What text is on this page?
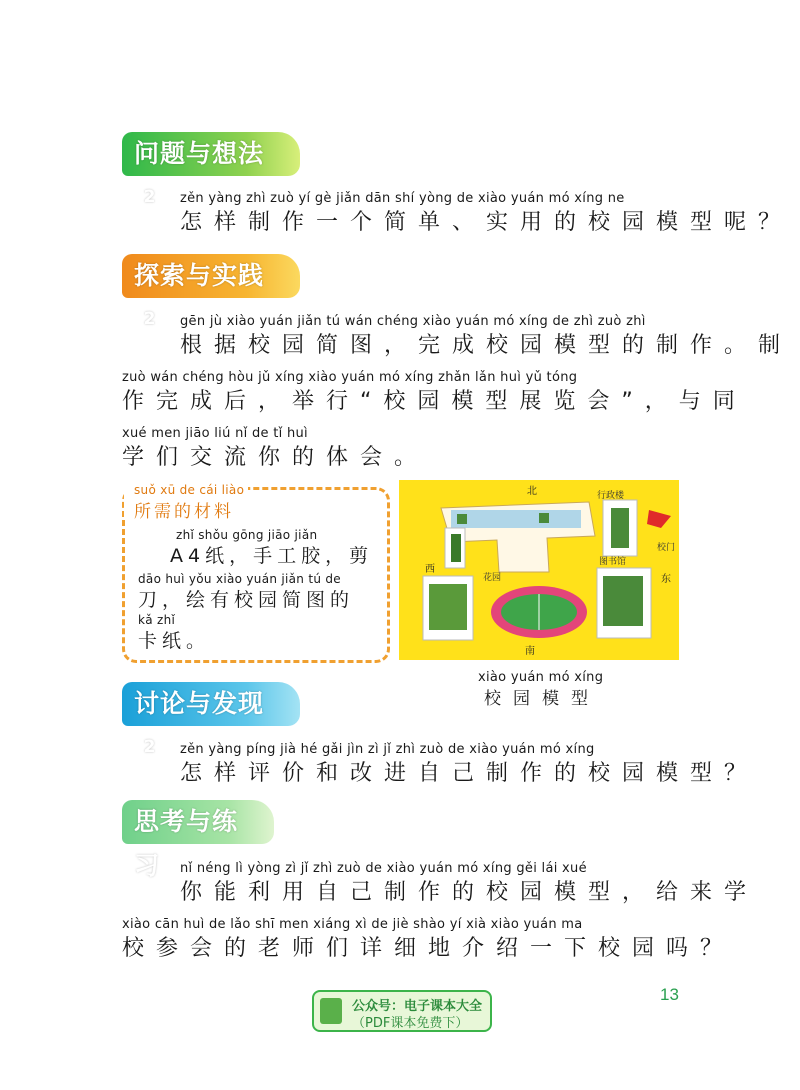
问题与想法2	zěn yàng zhì zuò yí gè jiǎn dān shí yòng de xiào yuán mó xíng ne
怎样制作一个简单、实用的校园模型呢？
探索与实践2	gēn jù xiào yuán jiǎn tú wán chéng xiào yuán mó xíng de zhì zuò zhì
根据校园简图，完成校园模型的制作。制
zuò wán chéng hòu jǔ xíng xiào yuán mó xíng zhǎn lǎn huì yǔ tóng
作完成后，举行“校园模型展览会”，与同
xué men jiāo liú nǐ de tǐ huì
学们交流你的体会。
suǒ xū de cái liào
所需的材料
zhǐ shǒu gōng jiāo jiǎn
A4纸，手工胶，剪
dāo huì yǒu xiào yuán jiǎn tú de
刀，绘有校园简图的
kǎ zhǐ
卡纸。
北
南
西
东
行政楼
图书馆
校门
花园
xiào yuán mó xíng
校园模型
讨论与发现2	zěn yàng píng jià hé gǎi jìn zì jǐ zhì zuò de xiào yuán mó xíng
怎样评价和改进自己制作的校园模型？
思考与练习	nǐ néng lì yòng zì jǐ zhì zuò de xiào yuán mó xíng gěi lái xué
你能利用自己制作的校园模型，给来学
xiào cān huì de lǎo shī men xiáng xì de jiè shào yí xià xiào yuán ma
校参会的老师们详细地介绍一下校园吗？
13
公众号：电子课本大全
（PDF课本免费下）
